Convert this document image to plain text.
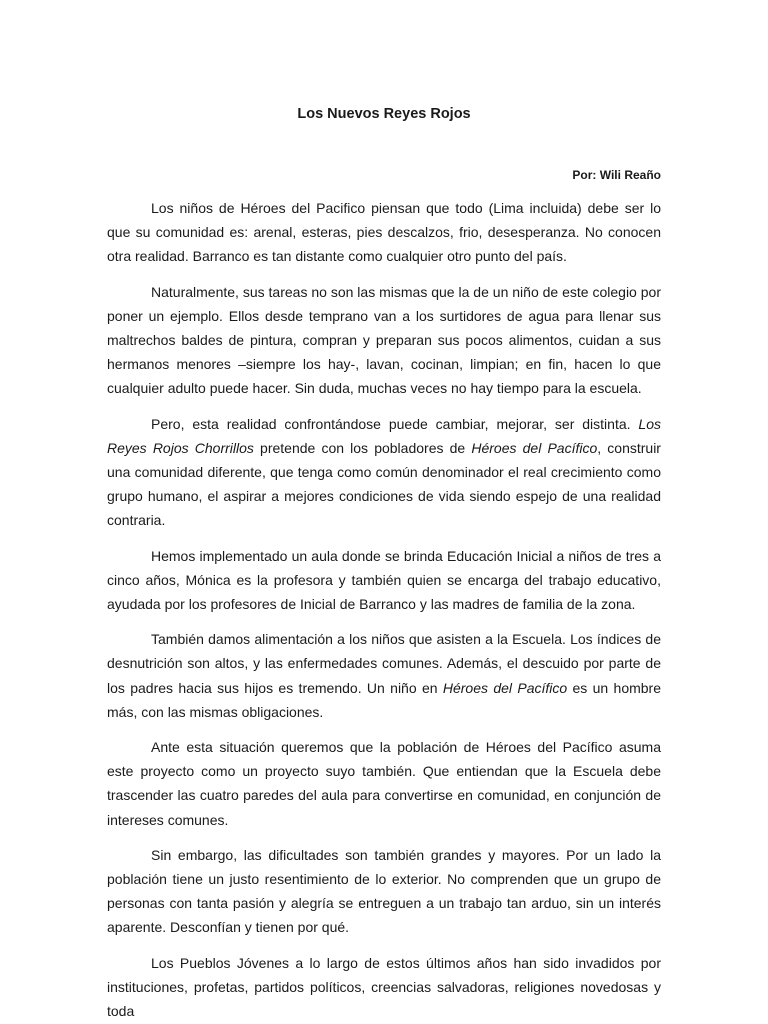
Los Nuevos Reyes Rojos

Por: Wili Reaño

Los niños de Héroes del Pacifico piensan que todo (Lima incluida) debe ser lo que su comunidad es: arenal, esteras, pies descalzos, frio, desesperanza. No conocen otra realidad. Barranco es tan distante como cualquier otro punto del país.

Naturalmente, sus tareas no son las mismas que la de un niño de este colegio por poner un ejemplo. Ellos desde temprano van a los surtidores de agua para llenar sus maltrechos baldes de pintura, compran y preparan sus pocos alimentos, cuidan a sus hermanos menores –siempre los hay-, lavan, cocinan, limpian; en fin, hacen lo que cualquier adulto puede hacer. Sin duda, muchas veces no hay tiempo para la escuela.

Pero, esta realidad confrontándose puede cambiar, mejorar, ser distinta. Los Reyes Rojos Chorrillos pretende con los pobladores de Héroes del Pacífico, construir una comunidad diferente, que tenga como común denominador el real crecimiento como grupo humano, el aspirar a mejores condiciones de vida siendo espejo de una realidad contraria.

Hemos implementado un aula donde se brinda Educación Inicial a niños de tres a cinco años, Mónica es la profesora y también quien se encarga del trabajo educativo, ayudada por los profesores de Inicial de Barranco y las madres de familia de la zona.

También damos alimentación a los niños que asisten a la Escuela. Los índices de desnutrición son altos, y las enfermedades comunes. Además, el descuido por parte de los padres hacia sus hijos es tremendo. Un niño en Héroes del Pacífico es un hombre más, con las mismas obligaciones.

Ante esta situación queremos que la población de Héroes del Pacífico asuma este proyecto como un proyecto suyo también. Que entiendan que la Escuela debe trascender las cuatro paredes del aula para convertirse en comunidad, en conjunción de intereses comunes.

Sin embargo, las dificultades son también grandes y mayores. Por un lado la población tiene un justo resentimiento de lo exterior. No comprenden que un grupo de personas con tanta pasión y alegría se entreguen a un trabajo tan arduo, sin un interés aparente. Desconfían y tienen por qué.

Los Pueblos Jóvenes a lo largo de estos últimos años han sido invadidos por instituciones, profetas, partidos políticos, creencias salvadoras, religiones novedosas y toda
